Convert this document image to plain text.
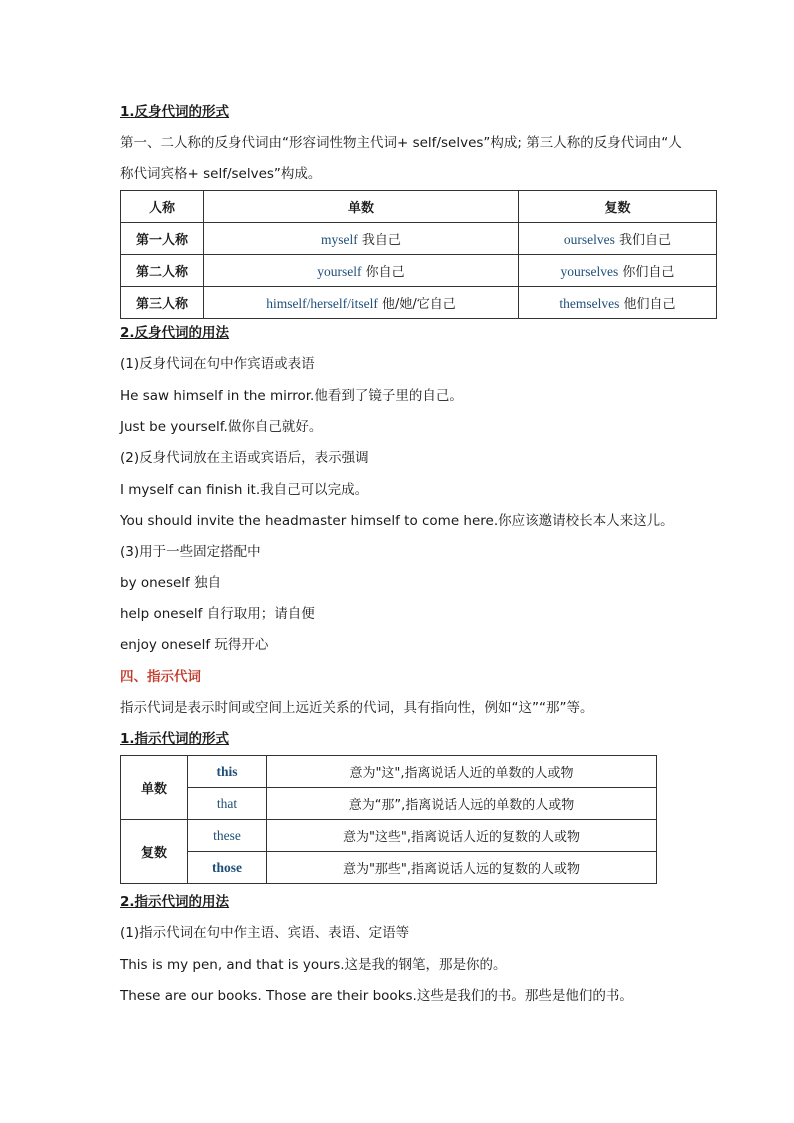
1.反身代词的形式
第一、二人称的反身代词由“形容词性物主代词+ self/selves”构成; 第三人称的反身代词由“人
称代词宾格+ self/selves”构成。
人称	单数	复数
第一人称	myself 我自己	ourselves 我们自己
第二人称	yourself 你自己	yourselves 你们自己
第三人称	himself/herself/itself 他/她/它自己	themselves 他们自己
2.反身代词的用法
(1)反身代词在句中作宾语或表语
He saw himself in the mirror.他看到了镜子里的自己。
Just be yourself.做你自己就好。
(2)反身代词放在主语或宾语后，表示强调
I myself can finish it.我自己可以完成。
You should invite the headmaster himself to come here.你应该邀请校长本人来这儿。
(3)用于一些固定搭配中
by oneself 独自
help oneself 自行取用；请自便
enjoy oneself 玩得开心
四、指示代词
指示代词是表示时间或空间上远近关系的代词，具有指向性，例如“这”“那”等。
1.指示代词的形式
单数	this	意为"这",指离说话人近的单数的人或物
	that	意为“那”,指离说话人远的单数的人或物
复数	these	意为"这些",指离说话人近的复数的人或物
	those	意为"那些",指离说话人远的复数的人或物
2.指示代词的用法
(1)指示代词在句中作主语、宾语、表语、定语等
This is my pen, and that is yours.这是我的钢笔，那是你的。
These are our books. Those are their books.这些是我们的书。那些是他们的书。
